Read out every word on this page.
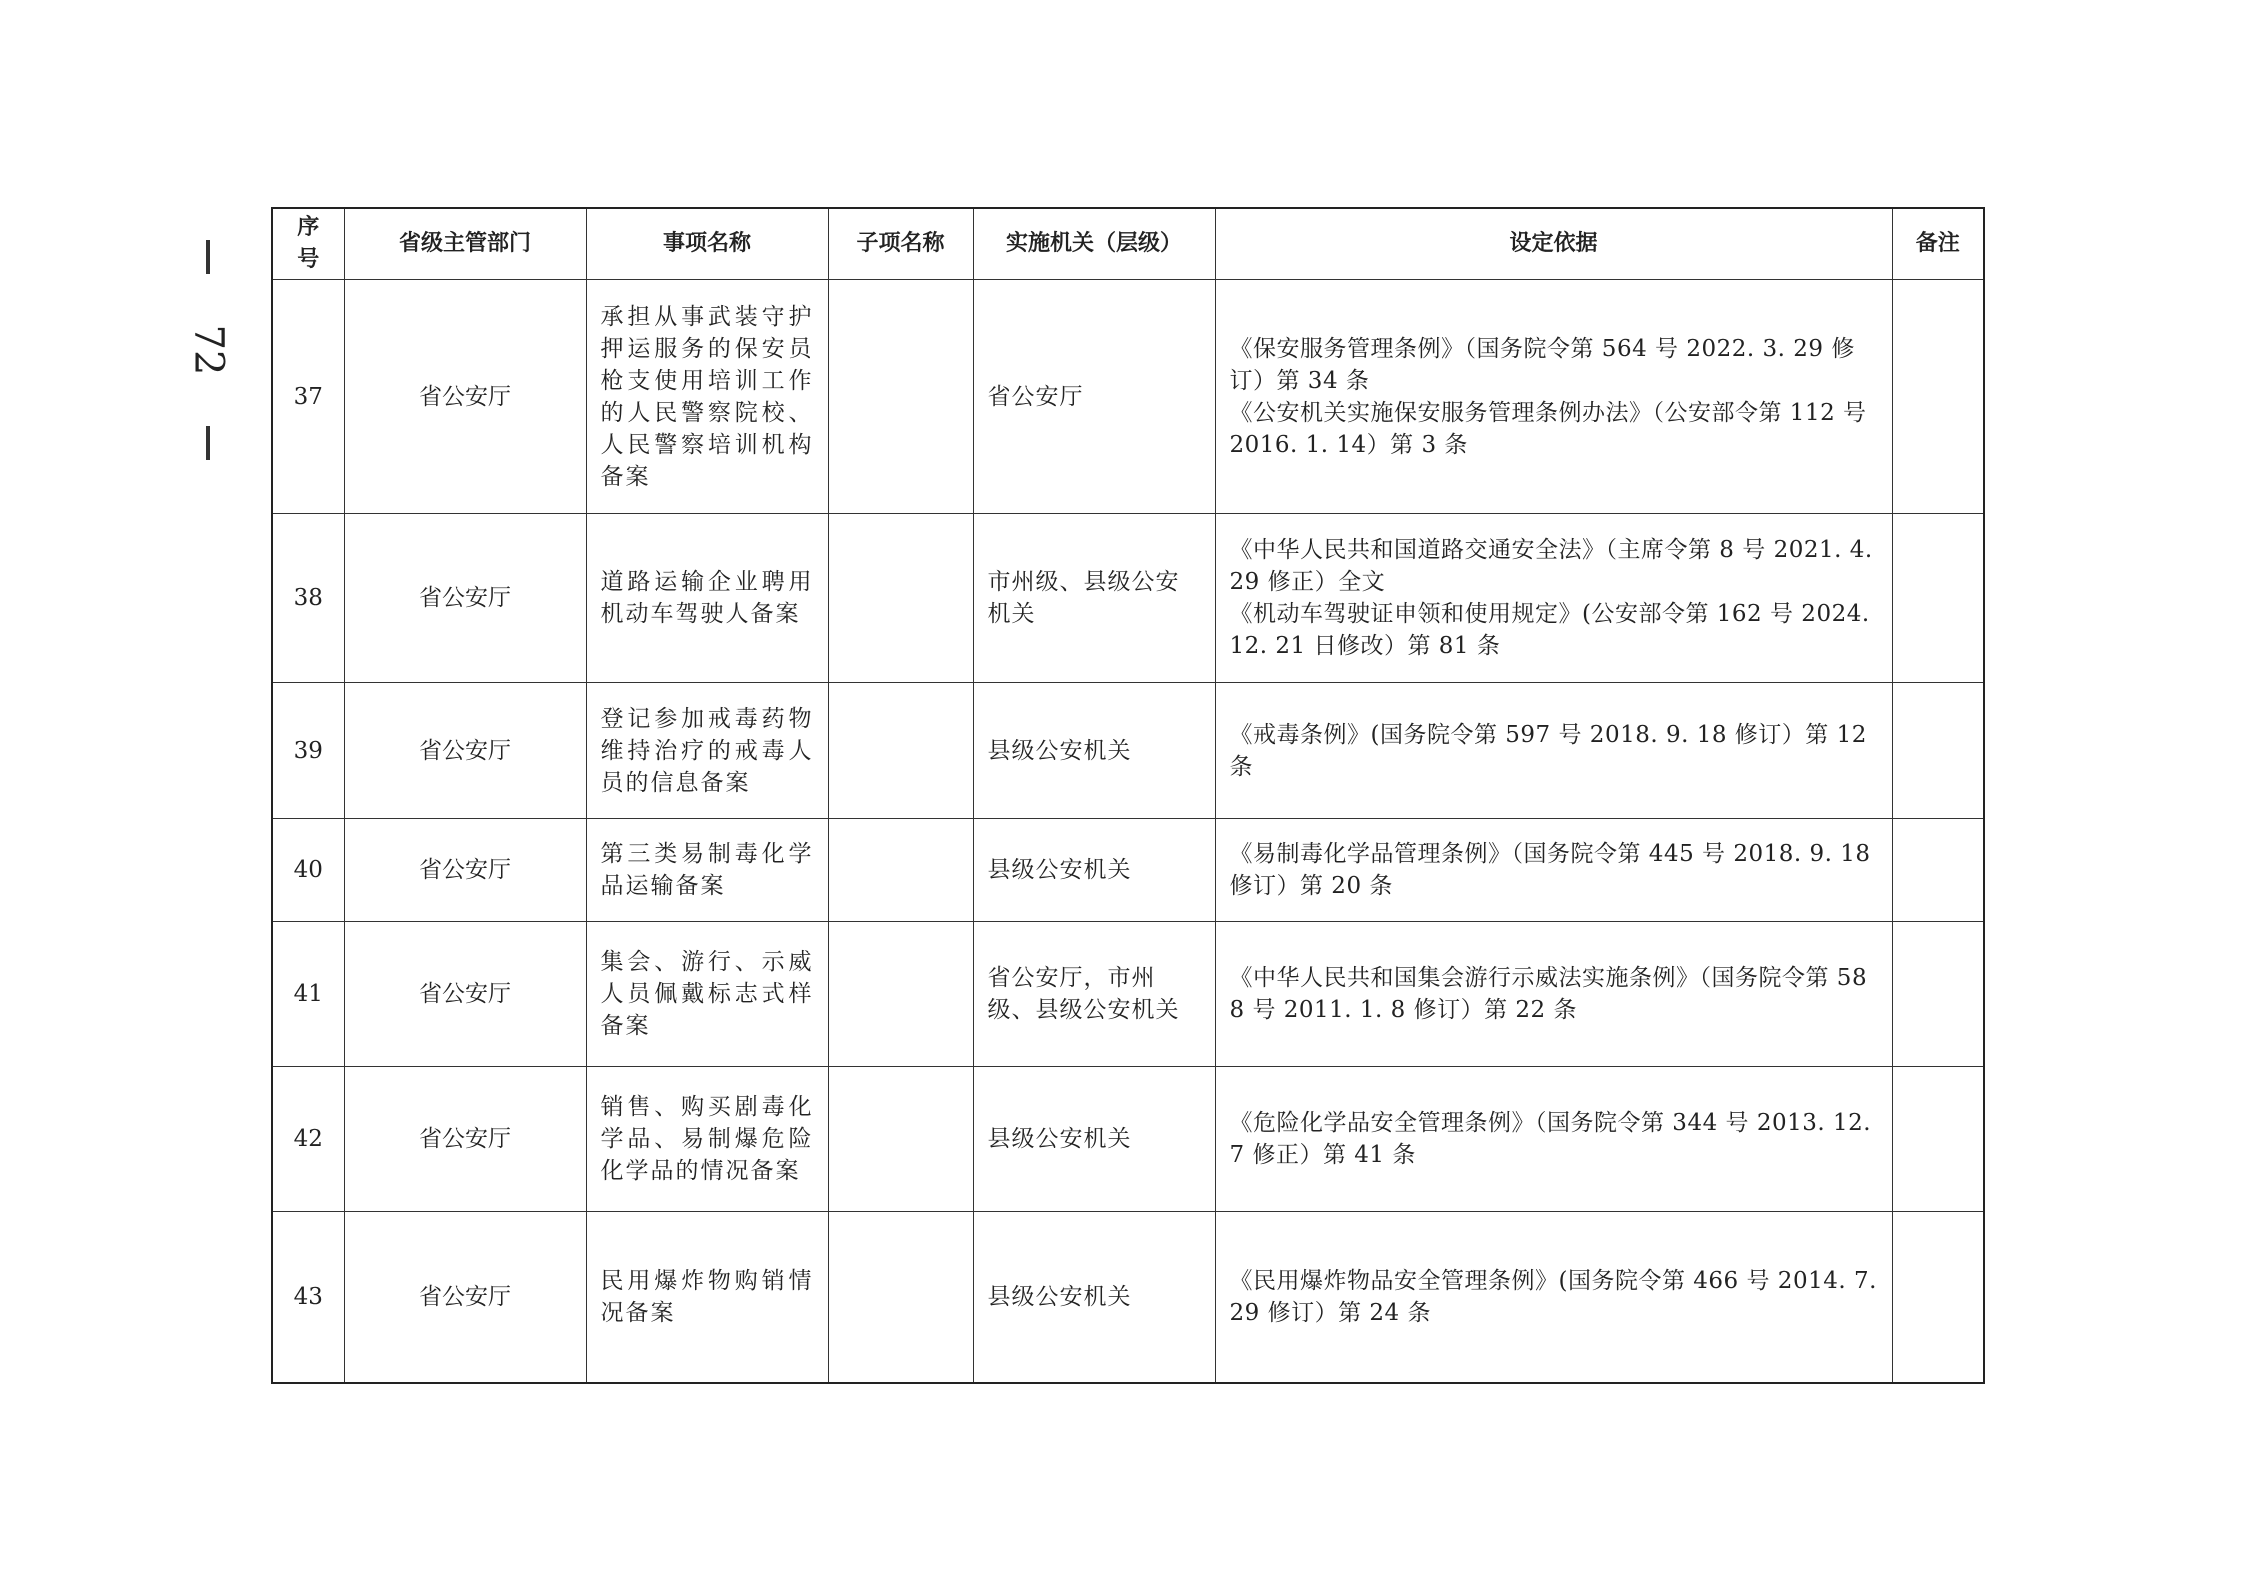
72
序号	省级主管部门	事项名称	子项名称	实施机关（层级）	设定依据	备注
37	省公安厅	承担从事武装守护押运服务的保安员枪支使用培训工作的人民警察院校、人民警察培训机构备案		省公安厅	《保安服务管理条例》（国务院令第 564 号 2022. 3. 29 修订）第 34 条
《公安机关实施保安服务管理条例办法》（公安部令第 112 号 2016. 1. 14）第 3 条	

38	省公安厅	道路运输企业聘用机动车驾驶人备案		市州级、县级公安机关	《中华人民共和国道路交通安全法》（主席令第 8 号 2021. 4. 29 修正）全文
《机动车驾驶证申领和使用规定》(公安部令第 162 号 2024. 12. 21 日修改）第 81 条	

39	省公安厅	登记参加戒毒药物维持治疗的戒毒人员的信息备案		县级公安机关	《戒毒条例》(国务院令第 597 号 2018. 9. 18 修订）第 12 条	

40	省公安厅	第三类易制毒化学品运输备案		县级公安机关	《易制毒化学品管理条例》（国务院令第 445 号 2018. 9. 18 修订）第 20 条	

41	省公安厅	集会、游行、示威人员佩戴标志式样备案		省公安厅，市州级、县级公安机关	《中华人民共和国集会游行示威法实施条例》（国务院令第 588 号 2011. 1. 8 修订）第 22 条	

42	省公安厅	销售、购买剧毒化学品、易制爆危险化学品的情况备案		县级公安机关	《危险化学品安全管理条例》（国务院令第 344 号 2013. 12. 7 修正）第 41 条	

43	省公安厅	民用爆炸物购销情况备案		县级公安机关	《民用爆炸物品安全管理条例》(国务院令第 466 号 2014. 7. 29 修订）第 24 条	
